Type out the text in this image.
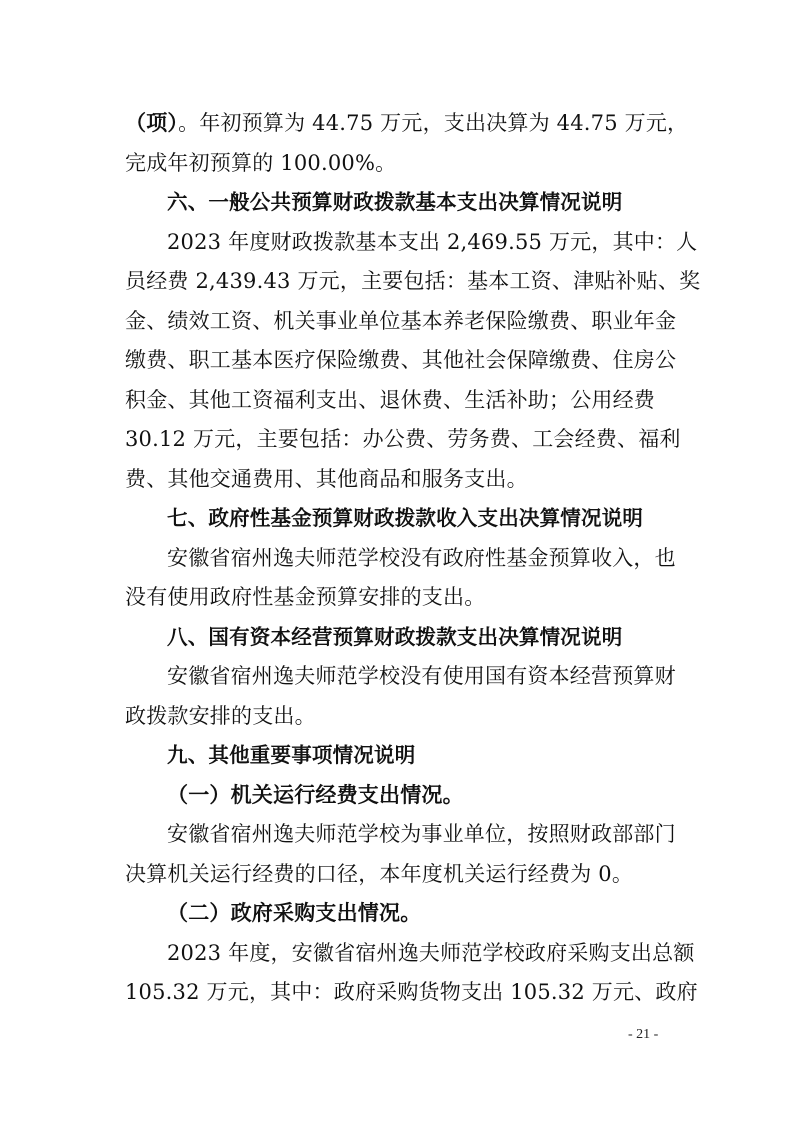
（项）。年初预算为 44.75 万元，支出决算为 44.75 万元，
完成年初预算的 100.00%。
六、一般公共预算财政拨款基本支出决算情况说明
2023 年度财政拨款基本支出 2,469.55 万元，其中：人
员经费 2,439.43 万元，主要包括：基本工资、津贴补贴、奖
金、绩效工资、机关事业单位基本养老保险缴费、职业年金
缴费、职工基本医疗保险缴费、其他社会保障缴费、住房公
积金、其他工资福利支出、退休费、生活补助；公用经费
30.12 万元，主要包括：办公费、劳务费、工会经费、福利
费、其他交通费用、其他商品和服务支出。
七、政府性基金预算财政拨款收入支出决算情况说明
安徽省宿州逸夫师范学校没有政府性基金预算收入，也
没有使用政府性基金预算安排的支出。
八、国有资本经营预算财政拨款支出决算情况说明
安徽省宿州逸夫师范学校没有使用国有资本经营预算财
政拨款安排的支出。
九、其他重要事项情况说明
（一）机关运行经费支出情况。
安徽省宿州逸夫师范学校为事业单位，按照财政部部门
决算机关运行经费的口径，本年度机关运行经费为 0。
（二）政府采购支出情况。
2023 年度，安徽省宿州逸夫师范学校政府采购支出总额
105.32 万元，其中：政府采购货物支出 105.32 万元、政府
- 21 -
